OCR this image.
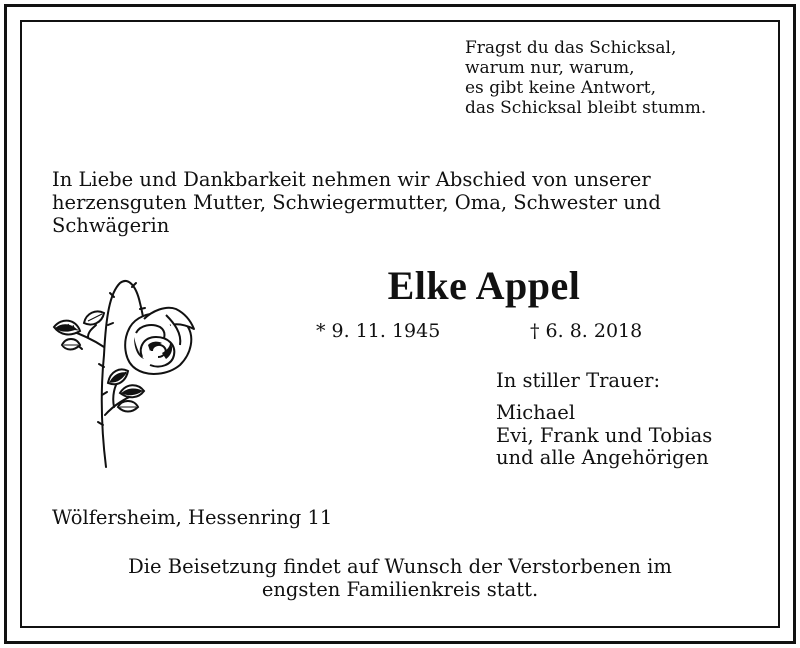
Fragst du das Schicksal,
warum nur, warum,
es gibt keine Antwort,
das Schicksal bleibt stumm.
In Liebe und Dankbarkeit nehmen wir Abschied von unserer
herzensguten Mutter, Schwiegermutter, Oma, Schwester und
Schwägerin
Elke Appel
* 9. 11. 1945	† 6. 8. 2018
In stiller Trauer:
Michael
Evi, Frank und Tobias
und alle Angehörigen
Wölfersheim, Hessenring 11
Die Beisetzung findet auf Wunsch der Verstorbenen im
engsten Familienkreis statt.
